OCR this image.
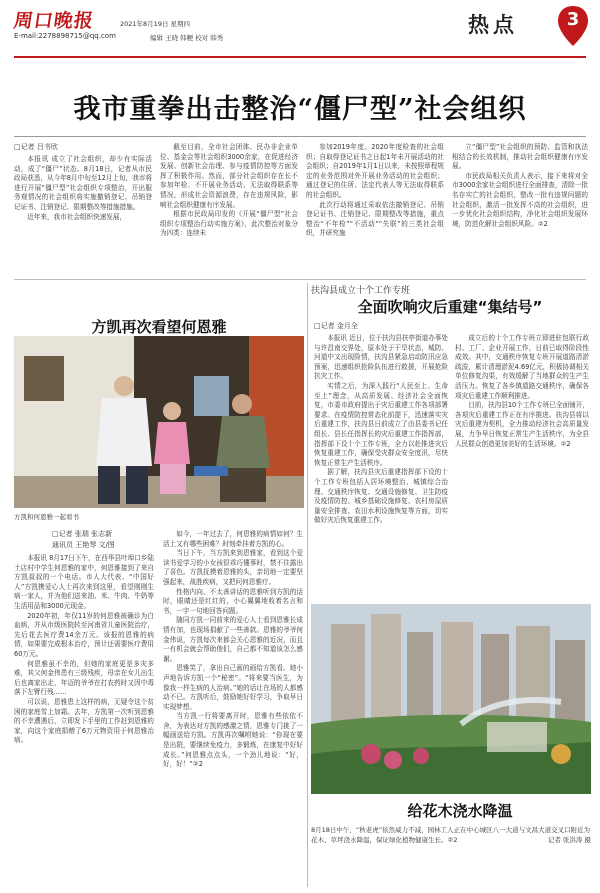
周口晚报
E-mail:2278898715@qq.com
2021年8月19日 星期四
编辑 王晓 韩粳 校对 韩秀
热点	3
我市重拳出击整治“僵尸型”社会组织
□记者 吕书欣

本报讯 成立了社会组织，却少有实际活动，成了“僵尸”状态。8月18日，记者从市民政局获悉，从今年8月中旬至12月上旬，我市将进行开展“僵尸型”社会组织专项整治，开出服务观情况的社会组织将实施撤销登记、吊销登记证书、注销登记、限期整改等措施措施。

近年来，我市社会组织快速发展，

截至目前，全市社会团体、民办非企业单位、基金会等社会组织3000余家，在促进经济发展、创新社会治理、参与疫情防控等方面发挥了积极作用。然而，部分社会组织存在长不参加年检、不开展业务活动、无法取得联系等情况，形成社会资源浪费，存在违规风险，影响社会组织健康有序发展。

根据市民政局印发的《开展“僵尸型”社会组织专项整治行动实施方案》，此次整治对象分为四类：连续未

参加2019年度、2020年度检查的社会组织；自取得登记证书之日起1年未开展活动的社会组织；自2019年1月1日以来，未按照章程规定的业务范围对外开展业务活动的社会组织；通过登记的住所、法定代表人等无法取得联系的社会组织。

此次行动将通过采取依法撤销登记、吊销登记证书、注销登记、限期整改等措施，重点整治“不年检”“不活动”“失联”的三类社会组织，并研究施

立“僵尸型”社会组织的预防、监管和执法相结合的长效机制，推动社会组织健康有序发展。

市民政局相关负责人表示，接下来将对全市3000余家社会组织进行全面排查，清除一批名存实亡的社会组织，整改一批有违规问题的社会组织，激活一批发挥不高的社会组织，进一步优化社会组织结构，净化社会组织发展环境，防范化解社会组织风险。②2

方凯再次看望何恩雅
方凯和何恩雅一起看书
□记者 张瑞 张志新
通讯员 王艳琴 文/图

本报讯 8月17日下午，在西华县叶埠口乡陆土店村中学生何恩雅的家中，何恩雅接到了来自方凯叔叔的一个电话。市人大代表、“中国好人”方凯携爱心人士再次来到这里，看望刚刚生病一家人，并为他们送来油、米、牛肉、牛奶等生活用品和3000元现金。

2020年初，年仅11岁的何恩雅被确诊为白血病，并从市级医院转至河南省儿童医院治疗，先后花去医疗费14余万元。该报的恩雅的病情，如果要完成根本治疗，预计还需要医疗费用60万元。

何恩雅虽不幸的，但她的家庭更是多灾多难，其父何金伟患有三级残疾，母亲在女儿出生后也离家出走，年迈的爷爷在打农药时又因中毒落下左臂行残……

可以说，恩雅患上这样的病，无疑令这个贫困的家庭雪上加霜。去年，方凯第一次听到恩雅的不幸遭遇后，立即发下手里的工作赶到恩雅的家，向这个家庭捐赠了6万元物资用于何恩雅治病。

如今，一年过去了，何恩雅的病情如何？生活上又有哪些困难？时刻牵挂着方凯的心。

当日下午，当方凯来到恩雅家，看到这个爱读书爱学习的小女孩很乖巧懂事时，禁不住露出了喜色。方凯抚摸着恩雅的头，亲切地一定要坚强起来，战胜疾病，又把问何恩雅疗。

性格内向、不太善讲话的恩雅听到方凯的话时，眼睛还是红红的，小心翼翼地收着名言和书，一字一句地回答问题。

随同方凯一同前来的爱心人士看到恩雅长成情有加，也现场捐献了一些善款。恩雅的爷爷何金伟说，方凯每次来都会关心恩雅的近况，而且一有机会就会帮助他们，自己都不知道该怎么感谢。

恩雅笑了，拿出自己画的画给方凯看。她小声地告诉方凯一个“秘密”。“将来要当医生，为像我一样生病的人治病。”她的话让在场的人都感动不已。方凯听后，鼓励她好好学习，争取早日实现梦想。

当方凯一行将要离开时，恩雅有些依依不舍，为表达对方凯的感激之情，恩雅专门挑了一幅画送给方凯。方凯再次嘱咐她说：“你现在要是出院，要继续免疫力，多锻炼，在康复中好好成长。”何恩雅点点头，一个劲儿地说：“好，好，好！”②2

扶沟县成立十个工作专班
全面吹响灾后重建“集结号”
□记者 金月全

本报讯 近日，位于扶沟县扶亭街道办事处与许昌南交界处，原本处于干旱状态，城防、河道中又出现险情，扶沟县紧急启动防汛应急预案，迅速组织抢险队伍进行救援，开展抢险抗灾工作。

实情之后，为深入践行“人民至上、生命至上”理念，从高质发展、经济社会全面恢复，市委市政府提出于灾后重建工作各项部署要求。在疫情防控常态化前提下，迅速落实灾后重建工作，扶沟县日前成立了由县委书记任组长、县长任指挥长的灾后重建工作指挥部，指挥部下设十个工作专班，全力以赴推进灾后恢复重建工作，确保受灾群众安全度汛，尽快恢复正常生产生活秩序。

据了解，扶沟县灾后重建指挥部下设的十个工作专班包括人居环境整治、城镇综合治理、交通秩序恢复、交通设施修复、卫生防疫及疫情防控、城乡基础设施修复、农村房屋质量安全排查、农田水利设施恢复等方面，切实做好灾后恢复重建工作。

成立后的十个工作专班立即进驻包联行政村、工厂、企业开展工作，日前已取得阶段性成效。其中，交通秩序恢复专班开展道路清淤疏浚，累计清理淤泥4.69亿元，积极协调相关单位修复沟渠，有效缓解了当地群众的生产生活压力。恢复了各乡镇道路交通秩序，确保各项灾后重建工作顺利推进。

目前，扶沟县10个工作专班已全面铺开，各项灾后重建工作正在有序推进。扶沟县将以灾后重建为契机，全力推动经济社会高质量发展，力争早日恢复正常生产生活秩序，为全县人民群众创造更加美好的生活环境。②2

给花木浇水降温
8月18日中午，“秋老虎”依然威力不减，园林工人正在中心城区八一大道与文昌大道交叉口附近为花木、草坪浇水降温，保证绿化植物健康生长。②2	记者 张洪涛 摄
